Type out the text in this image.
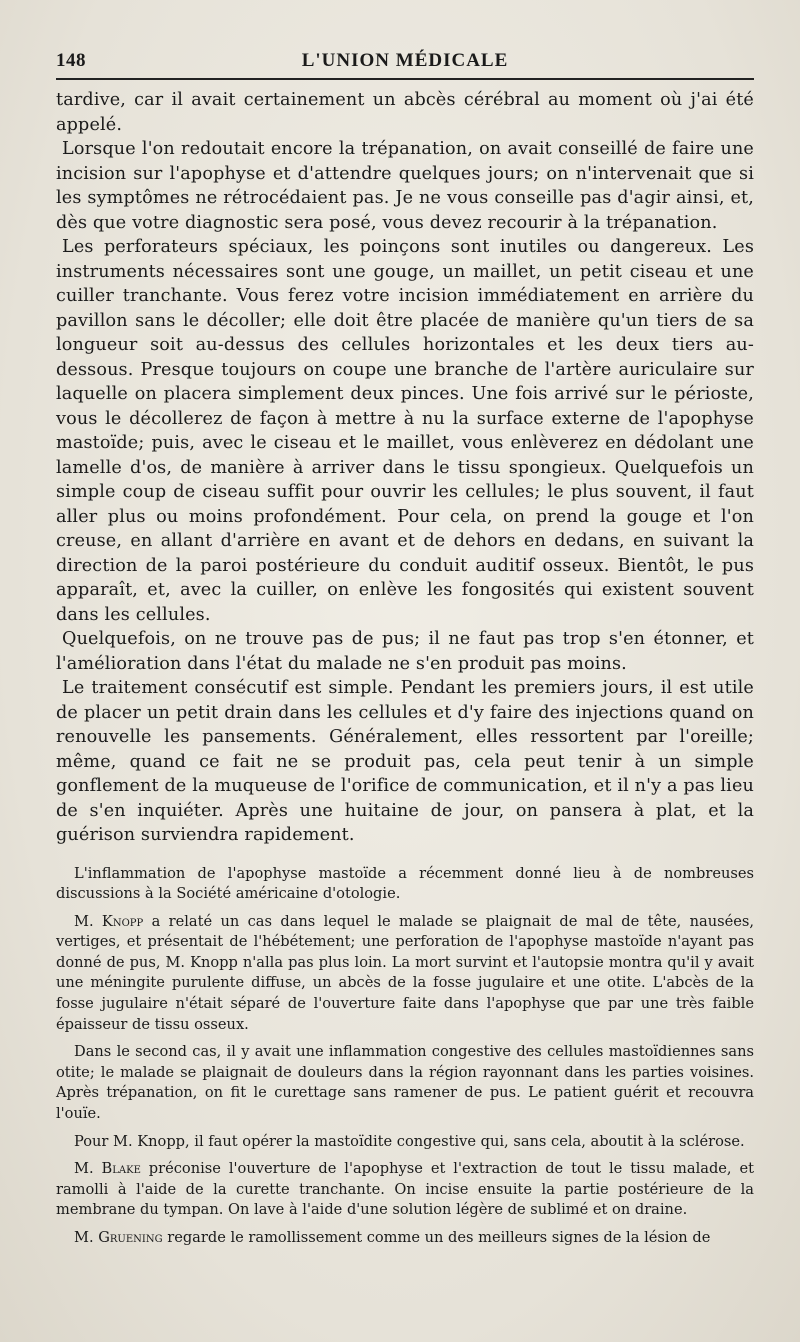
148	L'UNION MÉDICALE

tardive, car il avait certainement un abcès cérébral au moment où j'ai été appelé.

Lorsque l'on redoutait encore la trépanation, on avait conseillé de faire une incision sur l'apophyse et d'attendre quelques jours; on n'intervenait que si les symptômes ne rétrocédaient pas. Je ne vous conseille pas d'agir ainsi, et, dès que votre diagnostic sera posé, vous devez recourir à la trépanation.

Les perforateurs spéciaux, les poinçons sont inutiles ou dangereux. Les instruments nécessaires sont une gouge, un maillet, un petit ciseau et une cuiller tranchante. Vous ferez votre incision immédiatement en arrière du pavillon sans le décoller; elle doit être placée de manière qu'un tiers de sa longueur soit au-dessus des cellules horizontales et les deux tiers au-dessous. Presque toujours on coupe une branche de l'artère auriculaire sur laquelle on placera simplement deux pinces. Une fois arrivé sur le périoste, vous le décollerez de façon à mettre à nu la surface externe de l'apophyse mastoïde; puis, avec le ciseau et le maillet, vous enlèverez en dédolant une lamelle d'os, de manière à arriver dans le tissu spongieux. Quelquefois un simple coup de ciseau suffit pour ouvrir les cellules; le plus souvent, il faut aller plus ou moins profondément. Pour cela, on prend la gouge et l'on creuse, en allant d'arrière en avant et de dehors en dedans, en suivant la direction de la paroi postérieure du conduit auditif osseux. Bientôt, le pus apparaît, et, avec la cuiller, on enlève les fongosités qui existent souvent dans les cellules.

Quelquefois, on ne trouve pas de pus; il ne faut pas trop s'en étonner, et l'amélioration dans l'état du malade ne s'en produit pas moins.

Le traitement consécutif est simple. Pendant les premiers jours, il est utile de placer un petit drain dans les cellules et d'y faire des injections quand on renouvelle les pansements. Généralement, elles ressortent par l'oreille; même, quand ce fait ne se produit pas, cela peut tenir à un simple gonflement de la muqueuse de l'orifice de communication, et il n'y a pas lieu de s'en inquiéter. Après une huitaine de jour, on pansera à plat, et la guérison surviendra rapidement.

L'inflammation de l'apophyse mastoïde a récemment donné lieu à de nombreuses discussions à la Société américaine d'otologie.

M. Knopp a relaté un cas dans lequel le malade se plaignait de mal de tête, nausées, vertiges, et présentait de l'hébétement; une perforation de l'apophyse mastoïde n'ayant pas donné de pus, M. Knopp n'alla pas plus loin. La mort survint et l'autopsie montra qu'il y avait une méningite purulente diffuse, un abcès de la fosse jugulaire et une otite. L'abcès de la fosse jugulaire n'était séparé de l'ouverture faite dans l'apophyse que par une très faible épaisseur de tissu osseux.

Dans le second cas, il y avait une inflammation congestive des cellules mastoïdiennes sans otite; le malade se plaignait de douleurs dans la région rayonnant dans les parties voisines. Après trépanation, on fit le curettage sans ramener de pus. Le patient guérit et recouvra l'ouïe.

Pour M. Knopp, il faut opérer la mastoïdite congestive qui, sans cela, aboutit à la sclérose.

M. Blake préconise l'ouverture de l'apophyse et l'extraction de tout le tissu malade, et ramolli à l'aide de la curette tranchante. On incise ensuite la partie postérieure de la membrane du tympan. On lave à l'aide d'une solution légère de sublimé et on draine.

M. Gruening regarde le ramollissement comme un des meilleurs signes de la lésion de
